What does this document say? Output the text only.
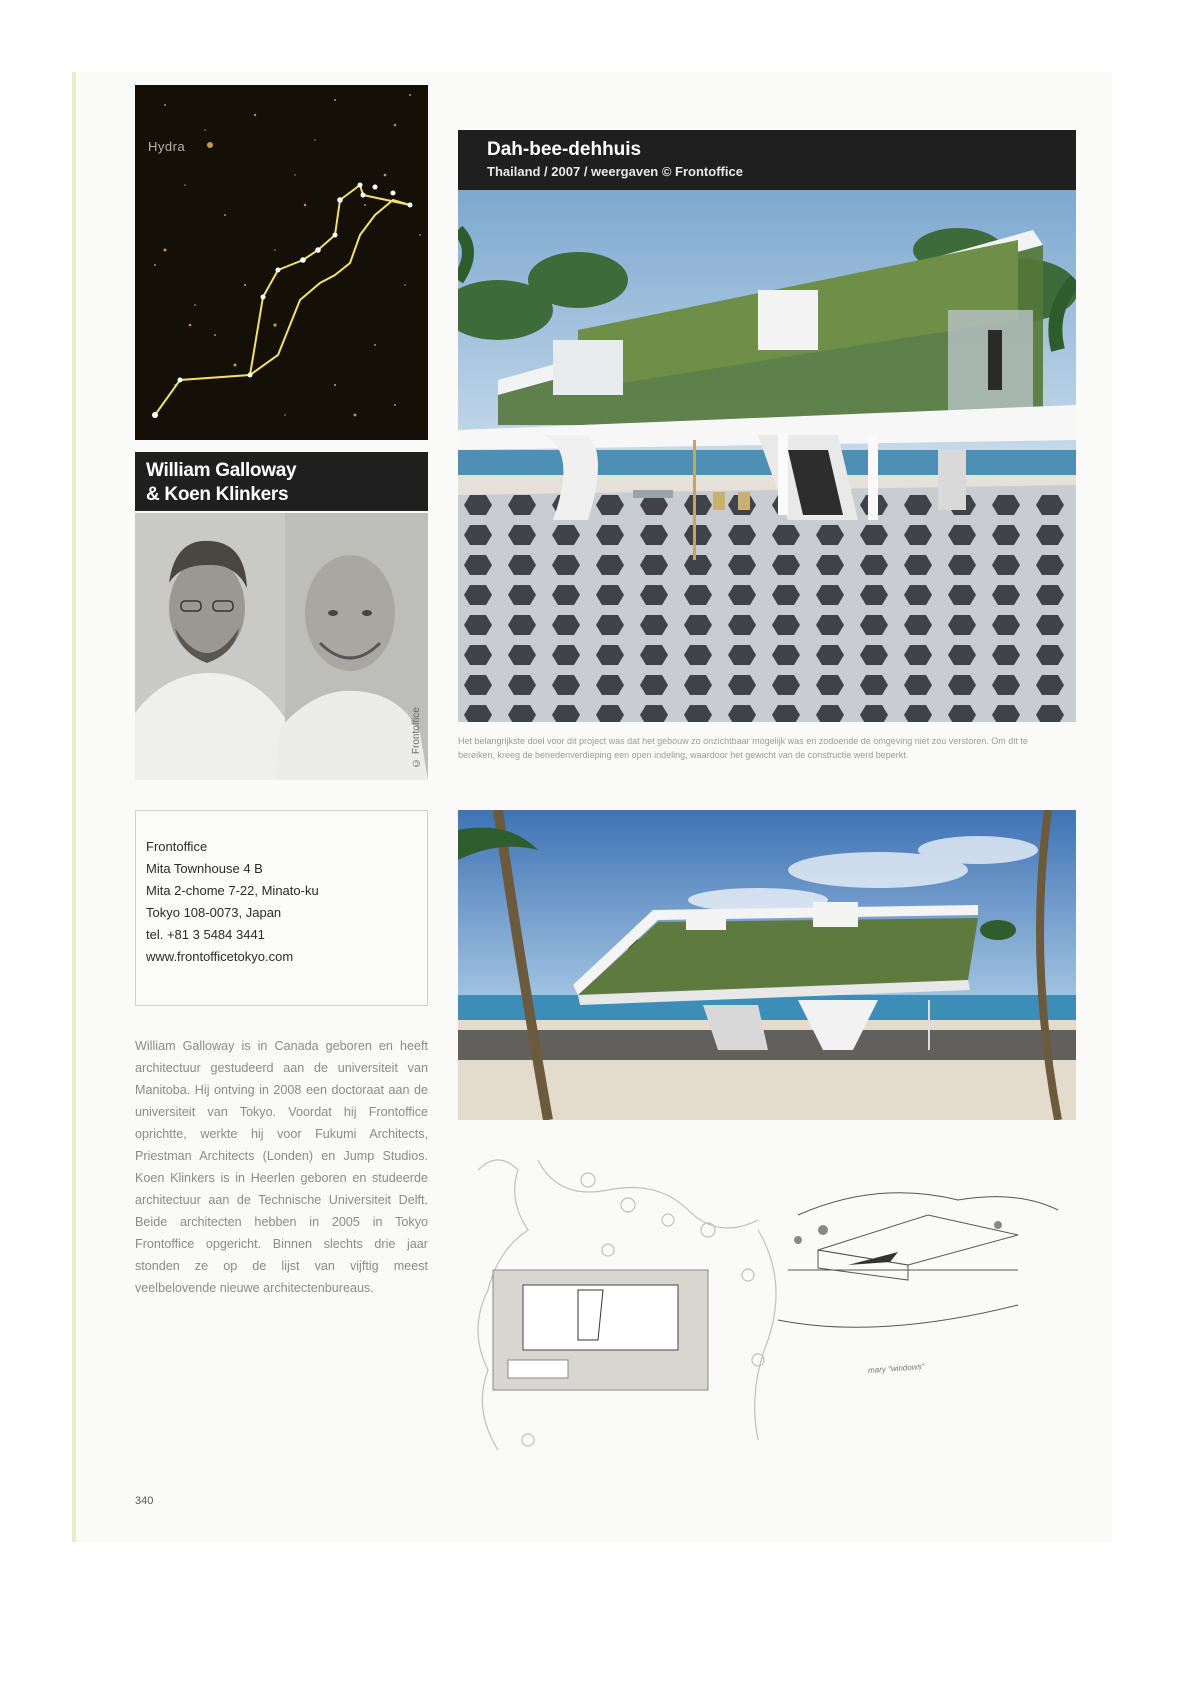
Hydra
William Galloway
& Koen Klinkers
© Frontoffice
Frontoffice
Mita Townhouse 4 B
Mita 2-chome 7-22, Minato-ku
Tokyo 108-0073, Japan
tel. +81 3 5484 3441
www.frontofficetokyo.com

William Galloway is in Canada geboren en heeft architectuur gestudeerd aan de universiteit van Manitoba. Hij ontving in 2008 een doctoraat aan de universiteit van Tokyo. Voordat hij Frontoffice oprichtte, werkte hij voor Fukumi Architects, Priestman Architects (Londen) en Jump Studios. Koen Klinkers is in Heerlen geboren en studeerde architectuur aan de Technische Universiteit Delft. Beide architecten hebben in 2005 in Tokyo Frontoffice opgericht. Binnen slechts drie jaar stonden ze op de lijst van vijftig meest veelbelovende nieuwe architectenbureaus.

340
Dah-bee-dehhuis
Thailand / 2007 / weergaven © Frontoffice

Het belangrijkste doel voor dit project was dat het gebouw zo onzichtbaar mogelijk was en zodoende de omgeving niet zou verstoren. Om dit te bereiken, kreeg de benedenverdieping een open indeling, waardoor het gewicht van de constructie werd beperkt.

mary "windows"
